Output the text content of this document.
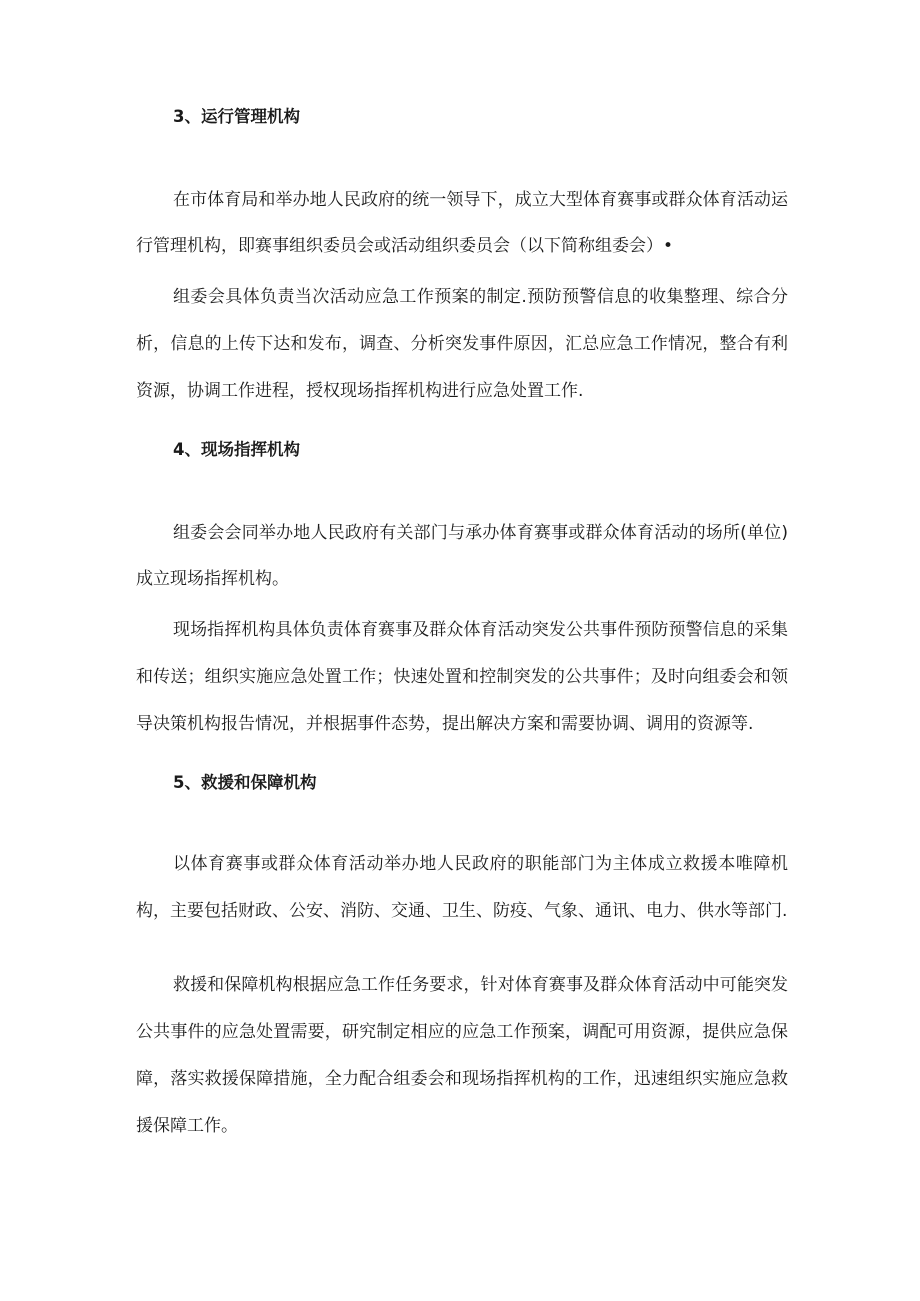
3、运行管理机构

在市体育局和举办地人民政府的统一领导下，成立大型体育赛事或群众体育活动运行管理机构，即赛事组织委员会或活动组织委员会（以下简称组委会）•

组委会具体负责当次活动应急工作预案的制定.预防预警信息的收集整理、综合分析，信息的上传下达和发布，调查、分析突发事件原因，汇总应急工作情况，整合有利资源，协调工作进程，授权现场指挥机构进行应急处置工作.

4、现场指挥机构

组委会会同举办地人民政府有关部门与承办体育赛事或群众体育活动的场所(单位)成立现场指挥机构。

现场指挥机构具体负责体育赛事及群众体育活动突发公共事件预防预警信息的采集和传送；组织实施应急处置工作；快速处置和控制突发的公共事件；及时向组委会和领导决策机构报告情况，并根据事件态势，提出解决方案和需要协调、调用的资源等.

5、救援和保障机构

以体育赛事或群众体育活动举办地人民政府的职能部门为主体成立救援本唯障机构，主要包括财政、公安、消防、交通、卫生、防疫、气象、通讯、电力、供水等部门.

救援和保障机构根据应急工作任务要求，针对体育赛事及群众体育活动中可能突发公共事件的应急处置需要，研究制定相应的应急工作预案，调配可用资源，提供应急保障，落实救援保障措施，全力配合组委会和现场指挥机构的工作，迅速组织实施应急救援保障工作。
